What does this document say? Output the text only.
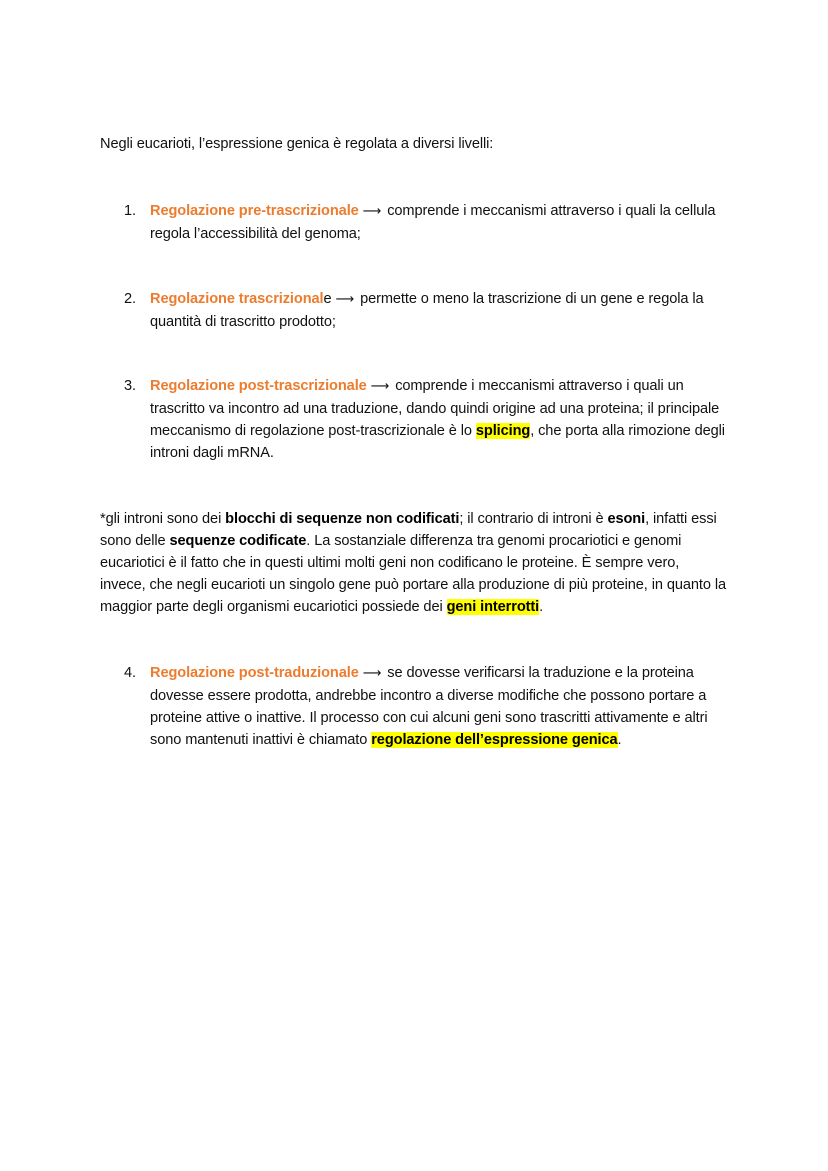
Negli eucarioti, l’espressione genica è regolata a diversi livelli:

1. Regolazione pre-trascrizionale ⟶ comprende i meccanismi attraverso i quali la cellula regola l’accessibilità del genoma;
2. Regolazione trascrizionale ⟶ permette o meno la trascrizione di un gene e regola la quantità di trascritto prodotto;
3. Regolazione post-trascrizionale ⟶ comprende i meccanismi attraverso i quali un trascritto va incontro ad una traduzione, dando quindi origine ad una proteina; il principale meccanismo di regolazione post-trascrizionale è lo splicing, che porta alla rimozione degli introni dagli mRNA.

*gli introni sono dei blocchi di sequenze non codificati; il contrario di introni è esoni, infatti essi sono delle sequenze codificate. La sostanziale differenza tra genomi procariotici e genomi eucariotici è il fatto che in questi ultimi molti geni non codificano le proteine. È sempre vero, invece, che negli eucarioti un singolo gene può portare alla produzione di più proteine, in quanto la maggior parte degli organismi eucariotici possiede dei geni interrotti.

4. Regolazione post-traduzionale ⟶ se dovesse verificarsi la traduzione e la proteina dovesse essere prodotta, andrebbe incontro a diverse modifiche che possono portare a proteine attive o inattive. Il processo con cui alcuni geni sono trascritti attivamente e altri sono mantenuti inattivi è chiamato regolazione dell’espressione genica.
